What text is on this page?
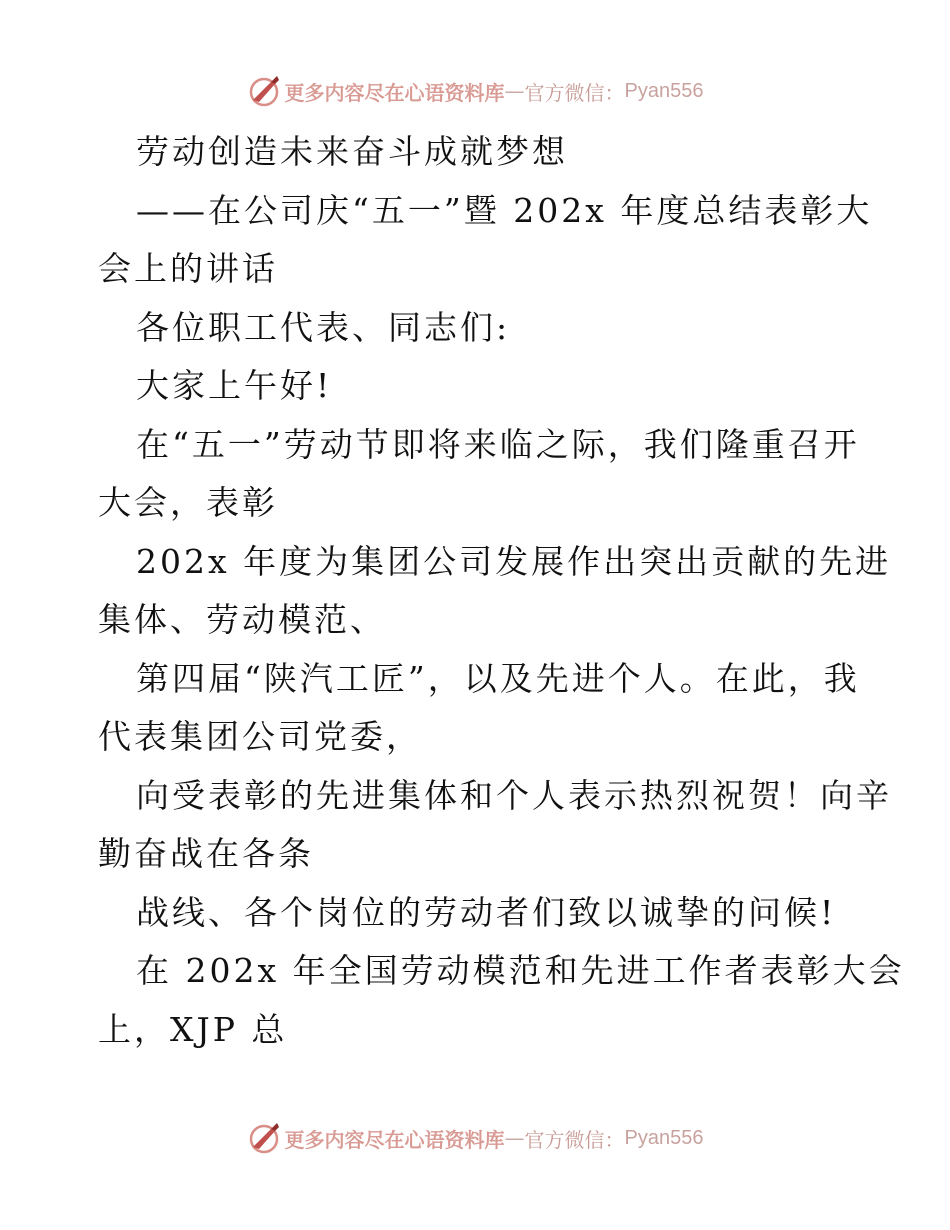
更多内容尽在心语资料库 — 官方微信： Pyan556

劳动创造未来奋斗成就梦想

——在公司庆“五一”暨 202x 年度总结表彰大

会上的讲话

各位职工代表、同志们:

大家上午好!

在“五一”劳动节即将来临之际，我们隆重召开

大会，表彰

202x 年度为集团公司发展作出突出贡献的先进

集体、劳动模范、

第四届“陕汽工匠”，以及先进个人。在此，我

代表集团公司党委，

向受表彰的先进集体和个人表示热烈祝贺！向辛

勤奋战在各条

战线、各个岗位的劳动者们致以诚挚的问候!

在 202x 年全国劳动模范和先进工作者表彰大会

上，XJP 总

更多内容尽在心语资料库 — 官方微信： Pyan556
